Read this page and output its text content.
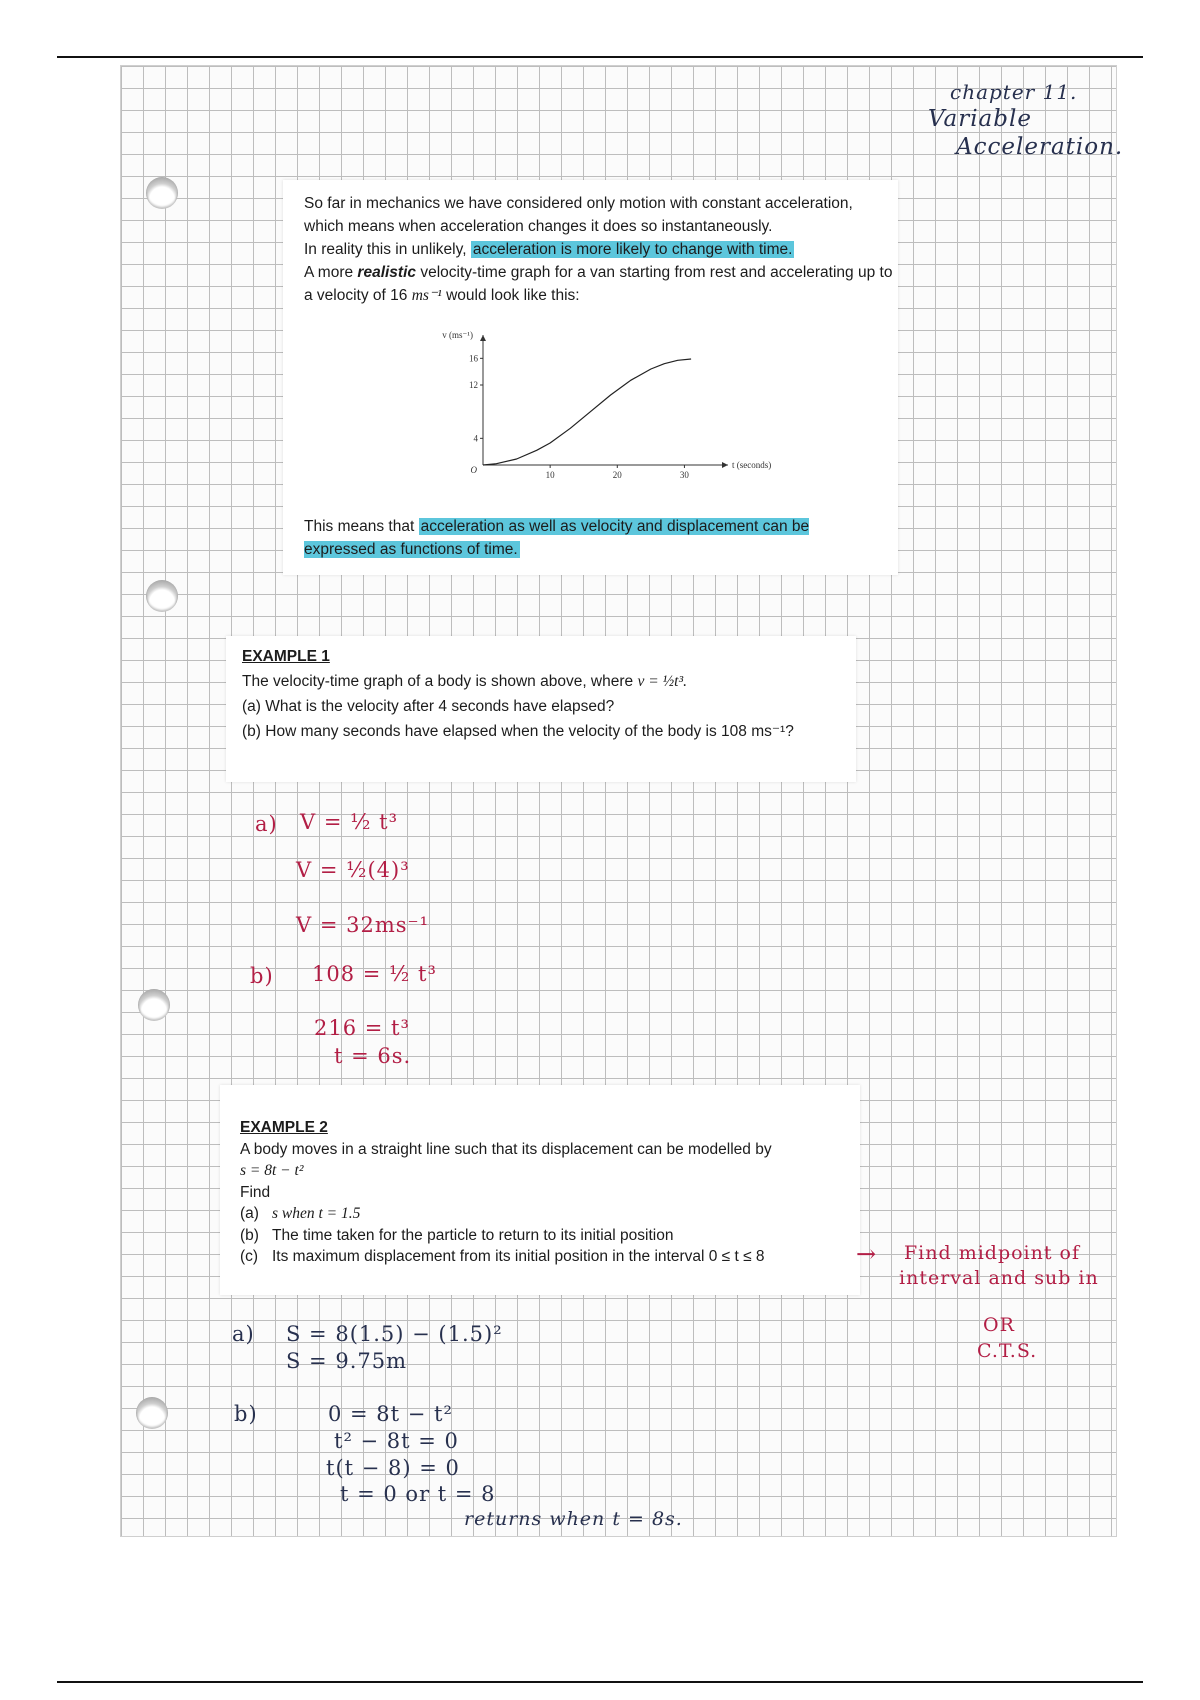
chapter 11.
Variable
Acceleration.

So far in mechanics we have considered only motion with constant acceleration, which means when acceleration changes it does so instantaneously.

In reality this in unlikely, acceleration is more likely to change with time.

A more realistic velocity-time graph for a van starting from rest and accelerating up to a velocity of 16 ms⁻¹ would look like this:

10	20	30
4
12
16
O	t (seconds)
v (ms⁻¹)

This means that acceleration as well as velocity and displacement can be expressed as functions of time.

EXAMPLE 1

The velocity-time graph of a body is shown above, where v = ½t³.

(a) What is the velocity after 4 seconds have elapsed?

(b) How many seconds have elapsed when the velocity of the body is 108 ms⁻¹?

a) V = ½ t³
V = ½(4)³
V = 32ms⁻¹
b) 108 = ½ t³
216 = t³
t = 6s.

EXAMPLE 2

A body moves in a straight line such that its displacement can be modelled by

s = 8t − t²

Find

(a) s when t = 1.5

(b) The time taken for the particle to return to its initial position

(c) Its maximum displacement from its initial position in the interval 0 ≤ t ≤ 8	→ Find midpoint of
interval and sub in
OR
C.T.S.
a) S = 8(1.5) − (1.5)²
S = 9.75m
b)	0 = 8t − t²
t² − 8t = 0
t(t − 8) = 0
t = 0 or t = 8
returns when t = 8s.
